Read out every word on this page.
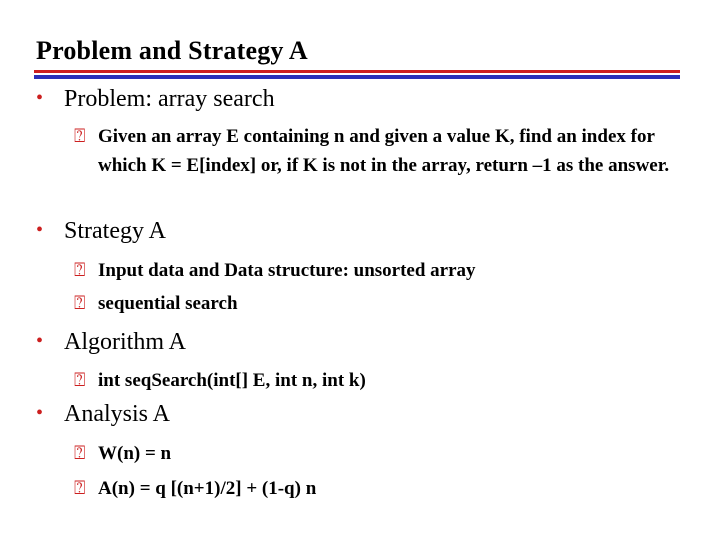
Problem and Strategy A
• Problem: array search
⍰ Given an array E containing n and given a value K, find an index for which K = E[index] or, if K is not in the array, return –1 as the answer.
• Strategy A
⍰ Input data and Data structure: unsorted array
⍰ sequential search
• Algorithm A
⍰ int seqSearch(int[] E, int n, int k)
• Analysis A
⍰ W(n) = n
⍰ A(n) = q [(n+1)/2] + (1-q) n
